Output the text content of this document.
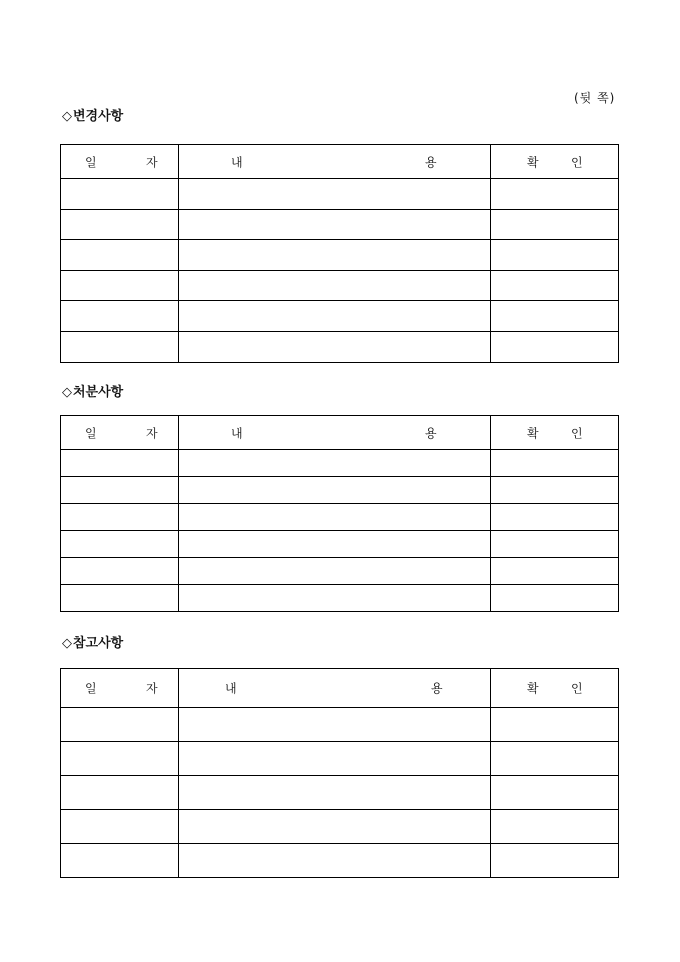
(뒷 쪽)
◇변경사항
일 자	내 용	확 인

◇처분사항
일 자	내 용	확 인

◇참고사항
일 자	내 용	확 인
